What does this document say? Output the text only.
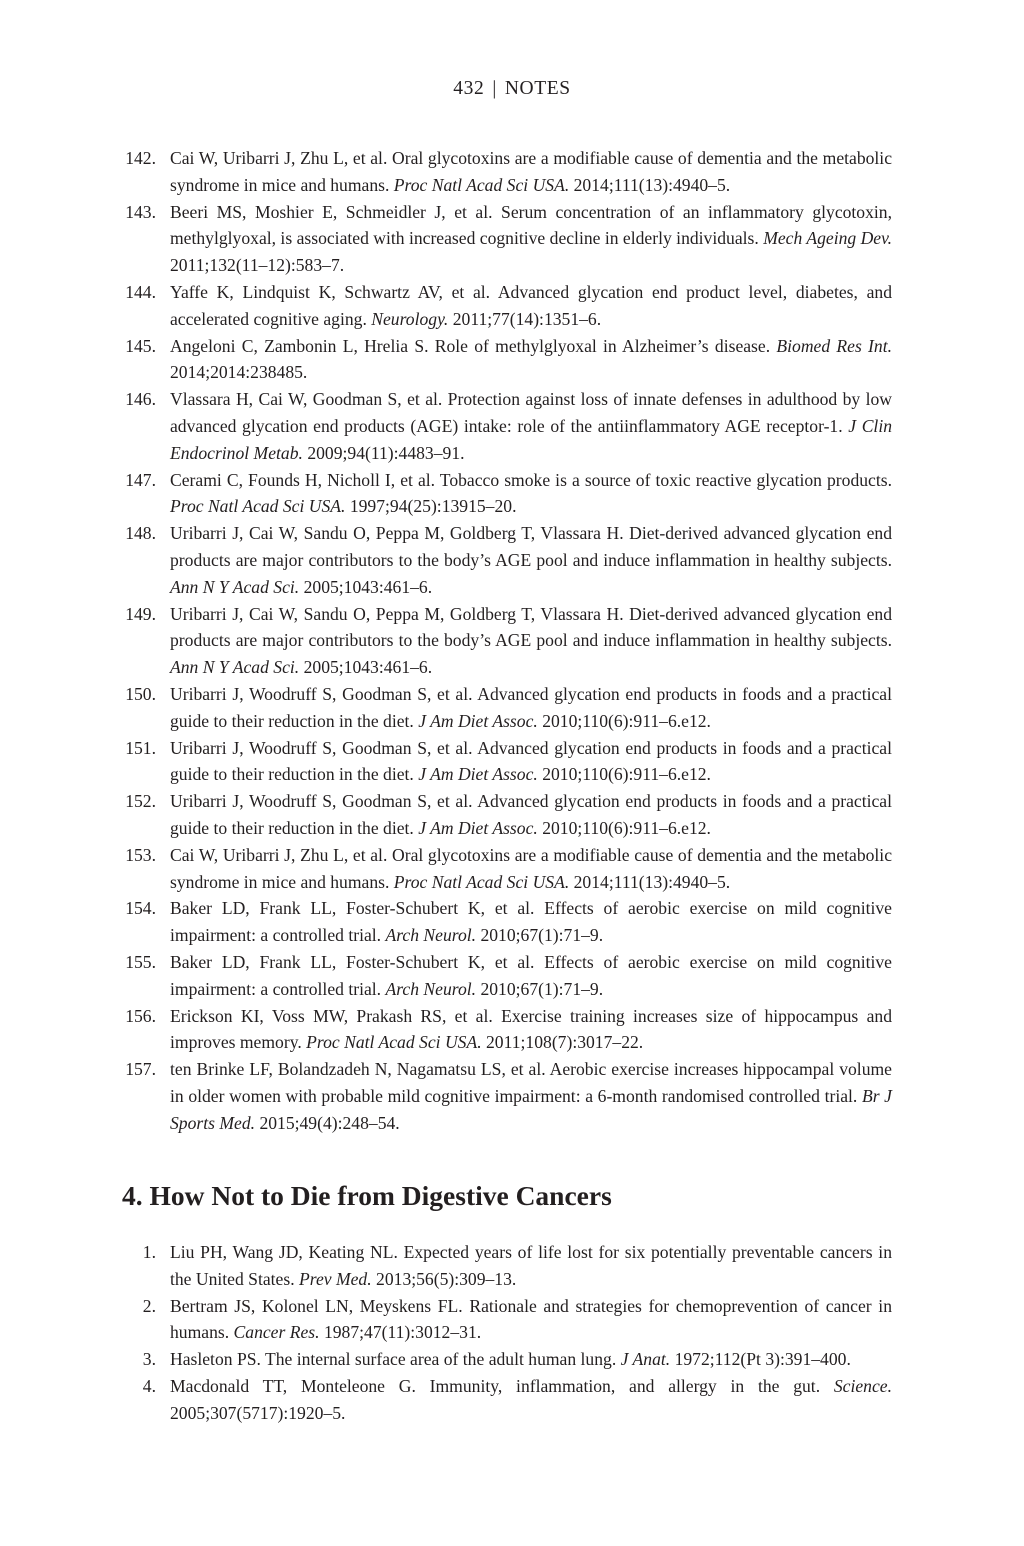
432 | NOTES
142. Cai W, Uribarri J, Zhu L, et al. Oral glycotoxins are a modifiable cause of dementia and the metabolic syndrome in mice and humans. Proc Natl Acad Sci USA. 2014;111(13):4940–5.
143. Beeri MS, Moshier E, Schmeidler J, et al. Serum concentration of an inflammatory glycotoxin, methylglyoxal, is associated with increased cognitive decline in elderly individuals. Mech Ageing Dev. 2011;132(11–12):583–7.
144. Yaffe K, Lindquist K, Schwartz AV, et al. Advanced glycation end product level, diabetes, and accelerated cognitive aging. Neurology. 2011;77(14):1351–6.
145. Angeloni C, Zambonin L, Hrelia S. Role of methylglyoxal in Alzheimer’s disease. Biomed Res Int. 2014;2014:238485.
146. Vlassara H, Cai W, Goodman S, et al. Protection against loss of innate defenses in adulthood by low advanced glycation end products (AGE) intake: role of the antiinflammatory AGE receptor-1. J Clin Endocrinol Metab. 2009;94(11):4483–91.
147. Cerami C, Founds H, Nicholl I, et al. Tobacco smoke is a source of toxic reactive glycation products. Proc Natl Acad Sci USA. 1997;94(25):13915–20.
148. Uribarri J, Cai W, Sandu O, Peppa M, Goldberg T, Vlassara H. Diet-derived advanced glycation end products are major contributors to the body’s AGE pool and induce inflammation in healthy subjects. Ann N Y Acad Sci. 2005;1043:461–6.
149. Uribarri J, Cai W, Sandu O, Peppa M, Goldberg T, Vlassara H. Diet-derived advanced glycation end products are major contributors to the body’s AGE pool and induce inflammation in healthy subjects. Ann N Y Acad Sci. 2005;1043:461–6.
150. Uribarri J, Woodruff S, Goodman S, et al. Advanced glycation end products in foods and a practical guide to their reduction in the diet. J Am Diet Assoc. 2010;110(6):911–6.e12.
151. Uribarri J, Woodruff S, Goodman S, et al. Advanced glycation end products in foods and a practical guide to their reduction in the diet. J Am Diet Assoc. 2010;110(6):911–6.e12.
152. Uribarri J, Woodruff S, Goodman S, et al. Advanced glycation end products in foods and a practical guide to their reduction in the diet. J Am Diet Assoc. 2010;110(6):911–6.e12.
153. Cai W, Uribarri J, Zhu L, et al. Oral glycotoxins are a modifiable cause of dementia and the metabolic syndrome in mice and humans. Proc Natl Acad Sci USA. 2014;111(13):4940–5.
154. Baker LD, Frank LL, Foster-Schubert K, et al. Effects of aerobic exercise on mild cognitive impairment: a controlled trial. Arch Neurol. 2010;67(1):71–9.
155. Baker LD, Frank LL, Foster-Schubert K, et al. Effects of aerobic exercise on mild cognitive impairment: a controlled trial. Arch Neurol. 2010;67(1):71–9.
156. Erickson KI, Voss MW, Prakash RS, et al. Exercise training increases size of hippocampus and improves memory. Proc Natl Acad Sci USA. 2011;108(7):3017–22.
157. ten Brinke LF, Bolandzadeh N, Nagamatsu LS, et al. Aerobic exercise increases hippocampal volume in older women with probable mild cognitive impairment: a 6-month randomised controlled trial. Br J Sports Med. 2015;49(4):248–54.
4. How Not to Die from Digestive Cancers
1. Liu PH, Wang JD, Keating NL. Expected years of life lost for six potentially preventable cancers in the United States. Prev Med. 2013;56(5):309–13.
2. Bertram JS, Kolonel LN, Meyskens FL. Rationale and strategies for chemoprevention of cancer in humans. Cancer Res. 1987;47(11):3012–31.
3. Hasleton PS. The internal surface area of the adult human lung. J Anat. 1972;112(Pt 3):391–400.
4. Macdonald TT, Monteleone G. Immunity, inflammation, and allergy in the gut. Science. 2005;307(5717):1920–5.
